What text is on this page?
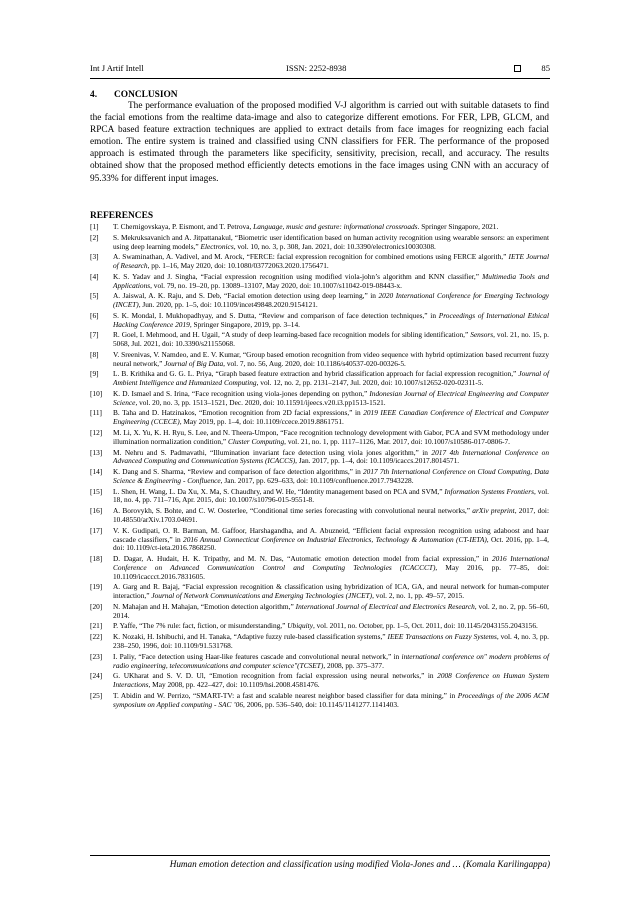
Int J Artif Intell	ISSN: 2252-8938	85
4. CONCLUSION

The performance evaluation of the proposed modified V-J algorithm is carried out with suitable datasets to find the facial emotions from the realtime data-image and also to categorize different emotions. For FER, LPB, GLCM, and RPCA based feature extraction techniques are applied to extract details from face images for reognizing each facial emotion. The entire system is trained and classified using CNN classifiers for FER. The performance of the proposed approach is estimated through the parameters like specificity, sensitivity, precision, recall, and accuracy. The results obtained show that the proposed method efficiently detects emotions in the face images using CNN with an accuracy of 95.33% for different input images.

REFERENCES
[1] T. Chernigovskaya, P. Eismont, and T. Petrova, Language, music and gesture: informational crossroads. Springer Singapore, 2021.
[2] S. Mekruksavanich and A. Jitpattanakul, “Biometric user identification based on human activity recognition using wearable sensors: an experiment using deep learning models,” Electronics, vol. 10, no. 3, p. 308, Jan. 2021, doi: 10.3390/electronics10030308.
[3] A. Swaminathan, A. Vadivel, and M. Arock, “FERCE: facial expression recognition for combined emotions using FERCE algorith,” IETE Journal of Research, pp. 1–16, May 2020, doi: 10.1080/03772063.2020.1756471.
[4] K. S. Yadav and J. Singha, “Facial expression recognition using modified viola-john’s algorithm and KNN classifier,” Multimedia Tools and Applications, vol. 79, no. 19–20, pp. 13089–13107, May 2020, doi: 10.1007/s11042-019-08443-x.
[5] A. Jaiswal, A. K. Raju, and S. Deb, “Facial emotion detection using deep learning,” in 2020 International Conference for Emerging Technology (INCET), Jun. 2020, pp. 1–5, doi: 10.1109/incet49848.2020.9154121.
[6] S. K. Mondal, I. Mukhopadhyay, and S. Dutta, “Review and comparison of face detection techniques,” in Proceedings of International Ethical Hacking Conference 2019, Springer Singapore, 2019, pp. 3–14.
[7] R. Goel, I. Mehmood, and H. Ugail, “A study of deep learning-based face recognition models for sibling identification,” Sensors, vol. 21, no. 15, p. 5068, Jul. 2021, doi: 10.3390/s21155068.
[8] V. Sreenivas, V. Namdeo, and E. V. Kumar, “Group based emotion recognition from video sequence with hybrid optimization based recurrent fuzzy neural network,” Journal of Big Data, vol. 7, no. 56, Aug. 2020, doi: 10.1186/s40537-020-00326-5.
[9] L. B. Krithika and G. G. L. Priya, “Graph based feature extraction and hybrid classification approach for facial expression recognition,” Journal of Ambient Intelligence and Humanized Computing, vol. 12, no. 2, pp. 2131–2147, Jul. 2020, doi: 10.1007/s12652-020-02311-5.
[10] K. D. Ismael and S. Irina, “Face recognition using viola-jones depending on python,” Indonesian Journal of Electrical Engineering and Computer Science, vol. 20, no. 3, pp. 1513–1521, Dec. 2020, doi: 10.11591/ijeecs.v20.i3.pp1513-1521.
[11] B. Taha and D. Hatzinakos, “Emotion recognition from 2D facial expressions,” in 2019 IEEE Canadian Conference of Electrical and Computer Engineering (CCECE), May 2019, pp. 1–4, doi: 10.1109/ccece.2019.8861751.
[12] M. Li, X. Yu, K. H. Ryu, S. Lee, and N. Theera-Umpon, “Face recognition technology development with Gabor, PCA and SVM methodology under illumination normalization condition,” Cluster Computing, vol. 21, no. 1, pp. 1117–1126, Mar. 2017, doi: 10.1007/s10586-017-0806-7.
[13] M. Nehru and S. Padmavathi, “Illumination invariant face detection using viola jones algorithm,” in 2017 4th International Conference on Advanced Computing and Communication Systems (ICACCS), Jan. 2017, pp. 1–4, doi: 10.1109/icaccs.2017.8014571.
[14] K. Dang and S. Sharma, “Review and comparison of face detection algorithms,” in 2017 7th International Conference on Cloud Computing, Data Science & Engineering - Confluence, Jan. 2017, pp. 629–633, doi: 10.1109/confluence.2017.7943228.
[15] L. Shen, H. Wang, L. Da Xu, X. Ma, S. Chaudhry, and W. He, “Identity management based on PCA and SVM,” Information Systems Frontiers, vol. 18, no. 4, pp. 711–716, Apr. 2015, doi: 10.1007/s10796-015-9551-8.
[16] A. Borovykh, S. Bohte, and C. W. Oosterlee, “Conditional time series forecasting with convolutional neural networks,” arXiv preprint, 2017, doi: 10.48550/arXiv.1703.04691.
[17] V. K. Gudipati, O. R. Barman, M. Gaffoor, Harshagandha, and A. Abuzneid, “Efficient facial expression recognition using adaboost and haar cascade classifiers,” in 2016 Annual Connecticut Conference on Industrial Electronics, Technology & Automation (CT-IETA), Oct. 2016, pp. 1–4, doi: 10.1109/ct-ieta.2016.7868250.
[18] D. Dagar, A. Hudait, H. K. Tripathy, and M. N. Das, “Automatic emotion detection model from facial expression,” in 2016 International Conference on Advanced Communication Control and Computing Technologies (ICACCCT), May 2016, pp. 77–85, doi: 10.1109/icaccct.2016.7831605.
[19] A. Garg and R. Bajaj, “Facial expression recognition & classification using hybridization of ICA, GA, and neural network for human-computer interaction,” Journal of Network Communications and Emerging Technologies (JNCET), vol. 2, no. 1, pp. 49–57, 2015.
[20] N. Mahajan and H. Mahajan, “Emotion detection algorithm,” International Journal of Electrical and Electronics Research, vol. 2, no. 2, pp. 56–60, 2014.
[21] P. Yaffe, “The 7% rule: fact, fiction, or misunderstanding,” Ubiquity, vol. 2011, no. October, pp. 1–5, Oct. 2011, doi: 10.1145/2043155.2043156.
[22] K. Nozaki, H. Ishibuchi, and H. Tanaka, “Adaptive fuzzy rule-based classification systems,” IEEE Transactions on Fuzzy Systems, vol. 4, no. 3, pp. 238–250, 1996, doi: 10.1109/91.531768.
[23] I. Paliy, “Face detection using Haar-like features cascade and convolutional neural network,” in international conference on" modern problems of radio engineering, telecommunications and computer science"(TCSET), 2008, pp. 375–377.
[24] G. UKharat and S. V. D. Ul, “Emotion recognition from facial expression using neural networks,” in 2008 Conference on Human System Interactions, May 2008, pp. 422–427, doi: 10.1109/hsi.2008.4581476.
[25] T. Abidin and W. Perrizo, “SMART-TV: a fast and scalable nearest neighbor based classifier for data mining,” in Proceedings of the 2006 ACM symposium on Applied computing - SAC ’06, 2006, pp. 536–540, doi: 10.1145/1141277.1141403.
Human emotion detection and classification using modified Viola-Jones and … (Komala Karilingappa)
